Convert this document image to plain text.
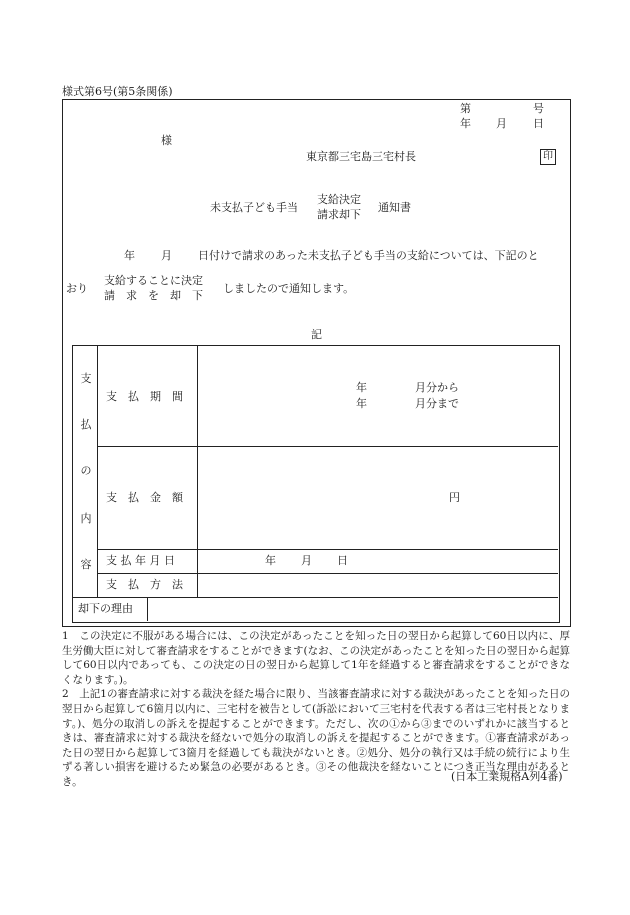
様式第6号(第5条関係)
第	号
年 月 日
様
東京都三宅島三宅村長	印
未支払子ども手当
支給決定
請求却下
通知書
年 月 日付けで請求のあった未支払子ども手当の支給については、下記のと
おり
支給することに決定
請　求　を　却　下
しましたので通知します。
記
支
払
の
内
容
支　払　期　間
年	月分から
年	月分まで
支　払　金　額	円
支 払 年 月 日	年 月 日
支　払　方　法
却下の理由
1　この決定に不服がある場合には、この決定があったことを知った日の翌日から起算して60日以内に、厚生労働大臣に対して審査請求をすることができます(なお、この決定があったことを知った日の翌日から起算して60日以内であっても、この決定の日の翌日から起算して1年を経過すると審査請求をすることができなくなります。)。
2　上記1の審査請求に対する裁決を経た場合に限り、当該審査請求に対する裁決があったことを知った日の翌日から起算して6箇月以内に、三宅村を被告として(訴訟において三宅村を代表する者は三宅村長となります。)、処分の取消しの訴えを提起することができます。ただし、次の①から③までのいずれかに該当するときは、審査請求に対する裁決を経ないで処分の取消しの訴えを提起することができます。①審査請求があった日の翌日から起算して3箇月を経過しても裁決がないとき。②処分、処分の執行又は手続の続行により生ずる著しい損害を避けるため緊急の必要があるとき。③その他裁決を経ないことにつき正当な理由があるとき。	(日本工業規格A列4番)
